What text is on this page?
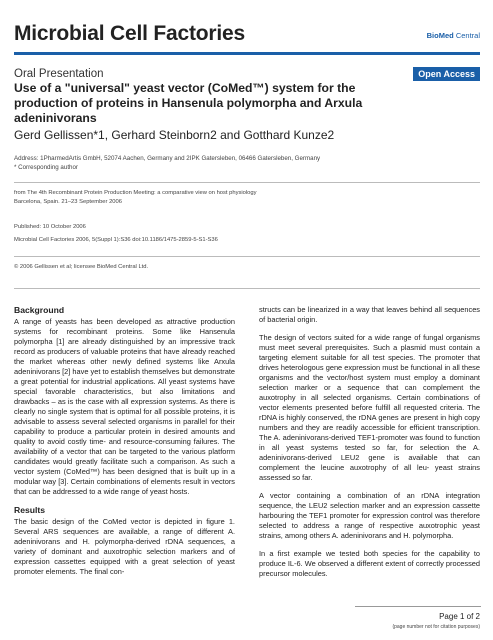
Microbial Cell Factories	BioMed Central
Oral Presentation	Open Access
Use of a "universal" yeast vector (CoMed™) system for the production of proteins in Hansenula polymorpha and Arxula adeninivorans
Gerd Gellissen*1, Gerhard Steinborn2 and Gotthard Kunze2
Address: 1PharmedArtis GmbH, 52074 Aachen, Germany and 2IPK Gatersleben, 06466 Gatersleben, Germany
* Corresponding author
from The 4th Recombinant Protein Production Meeting: a comparative view on host physiology
Barcelona, Spain. 21–23 September 2006
Published: 10 October 2006
Microbial Cell Factories 2006, 5(Suppl 1):S36 doi:10.1186/1475-2859-5-S1-S36
© 2006 Gellissen et al; licensee BioMed Central Ltd.
Background

A range of yeasts has been developed as attractive production systems for recombinant proteins. Some like Hansenula polymorpha [1] are already distinguished by an impressive track record as producers of valuable proteins that have already reached the market whereas other newly defined systems like Arxula adeninivorans [2] have yet to establish themselves but demonstrate a great potential for industrial applications. All yeast systems have special favorable characteristics, but also limitations and drawbacks – as is the case with all expression systems. As there is clearly no single system that is optimal for all possible proteins, it is advisable to assess several selected organisms in parallel for their capability to produce a particular protein in desired amounts and quality to avoid costly time- and resource-consuming failures. The availability of a vector that can be targeted to the various platform candidates would greatly facilitate such a comparison. As such a vector system (CoMed™) has been designed that is built up in a modular way [3]. Certain combinations of elements result in vectors that can be addressed to a wide range of yeast hosts.

Results

The basic design of the CoMed vector is depicted in figure 1. Several ARS sequences are available, a range of different A. adeninivorans and H. polymorpha-derived rDNA sequences, a variety of dominant and auxotrophic selection markers and of expression cassettes equipped with a great selection of yeast promoter elements. The final con-

structs can be linearized in a way that leaves behind all sequences of bacterial origin.

The design of vectors suited for a wide range of fungal organisms must meet several prerequisites. Such a plasmid must contain a targeting element suitable for all test species. The promoter that drives heterologous gene expression must be functional in all these organisms and the vector/host system must employ a dominant selection marker or a sequence that can complement the auxotrophy in all selected organisms. Certain combinations of vector elements presented before fulfill all requested criteria. The rDNA is highly conserved, the rDNA genes are present in high copy numbers and they are readily accessible for efficient transcription. The A. adeninivorans-derived TEF1-promoter was found to function in all yeast systems tested so far, for selection the A. adeninivorans-derived LEU2 gene is available that can complement the leucine auxotrophy of all leu- yeast strains assessed so far.

A vector containing a combination of an rDNA integration sequence, the LEU2 selection marker and an expression cassette harbouring the TEF1 promoter for expression control was therefore selected to address a range of respective auxotrophic yeast strains, among others A. adeninivorans and H. polymorpha.

In a first example we tested both species for the capability to produce IL-6. We observed a different extent of correctly processed precursor molecules.

Page 1 of 2
(page number not for citation purposes)
